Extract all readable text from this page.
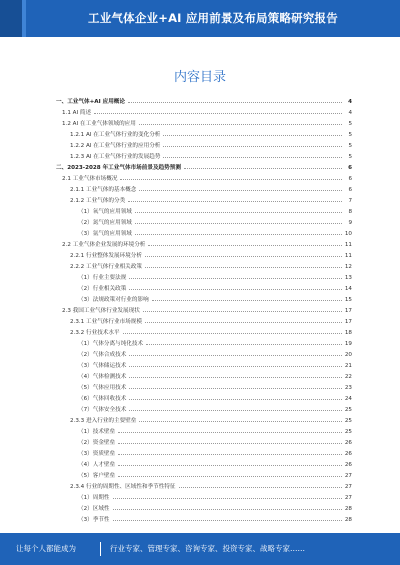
工业气体企业+AI 应用前景及布局策略研究报告
内容目录
一、工业气体+AI 应用概论	4
1.1 AI 简述	4
1.2 AI 在工业气体领域的应用	5
1.2.1 AI 在工业气体行业的变化分析	5
1.2.2 AI 在工业气体行业的应用分析	5
1.2.3 AI 在工业气体行业的发展趋势	5
二、2023-2028 年工业气体市场前景及趋势预测	6
2.1 工业气体市场概况	6
2.1.1 工业气体的基本概念	6
2.1.2 工业气体的分类	7
（1）氧气的应用领域	8
（2）氮气的应用领域	9
（3）氩气的应用领域	10
2.2 工业气体企业发展的环境分析	11
2.2.1 行业整体发展环境分析	11
2.2.2 工业气体行业相关政策	12
（1）行业主要法规	13
（2）行业相关政策	14
（3）法规政策对行业的影响	15
2.3 我国工业气体行业发展现状	17
2.3.1 工业气体行业市场规模	17
2.3.2 行业技术水平	18
（1）气体分离与纯化技术	19
（2）气体合成技术	20
（3）气体储运技术	21
（4）气体检测技术	22
（5）气体应用技术	23
（6）气体回收技术	24
（7）气体安全技术	25
2.3.3 进入行业的主要壁垒	25
（1）技术壁垒	25
（2）资金壁垒	26
（3）资质壁垒	26
（4）人才壁垒	26
（5）客户壁垒	27
2.3.4 行业的周期性、区域性和季节性特征	27
（1）周期性	27
（2）区域性	28
（3）季节性	28
让每个人都能成为	行业专家、管理专家、咨询专家、投资专家、战略专家……
